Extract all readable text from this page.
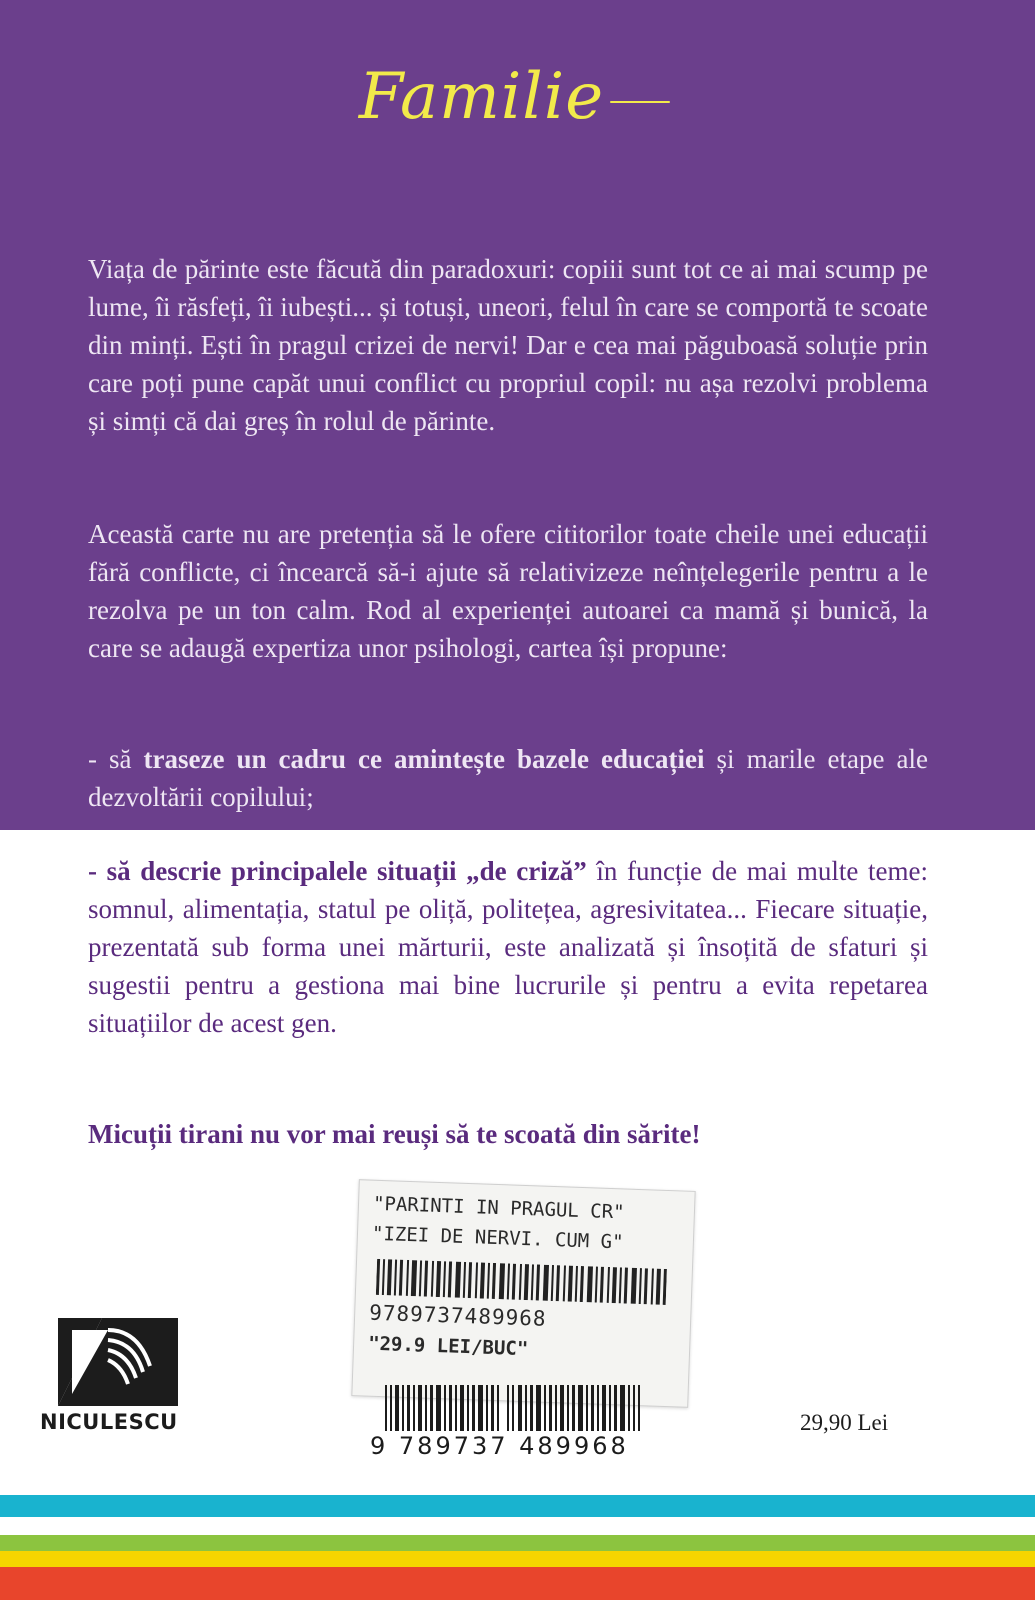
Familie
Viața de părinte este făcută din paradoxuri: copiii sunt tot ce ai mai scump pe lume, îi răsfeți, îi iubești... și totuși, uneori, felul în care se comportă te scoate din minți. Ești în pragul crizei de nervi! Dar e cea mai păguboasă soluție prin care poți pune capăt unui conflict cu propriul copil: nu așa rezolvi problema și simți că dai greș în rolul de părinte.
Această carte nu are pretenția să le ofere cititorilor toate cheile unei educații fără conflicte, ci încearcă să-i ajute să relativizeze neînțelegerile pentru a le rezolva pe un ton calm. Rod al experienței autoarei ca mamă și bunică, la care se adaugă expertiza unor psihologi, cartea își propune:
- să traseze un cadru ce amintește bazele educației și marile etape ale dezvoltării copilului;
- să descrie principalele situații „de criză” în funcție de mai multe teme: somnul, alimentația, statul pe oliță, politețea, agresivitatea... Fiecare situație, prezentată sub forma unei mărturii, este analizată și însoțită de sfaturi și sugestii pentru a gestiona mai bine lucrurile și pentru a evita repetarea situațiilor de acest gen.
Micuții tirani nu vor mai reuși să te scoată din sărite!
"PARINTI IN PRAGUL CR"
"IZEI DE NERVI. CUM G"
9789737489968
"29.9 LEI/BUC"
NICULESCU
9 789737 489968
29,90 Lei
